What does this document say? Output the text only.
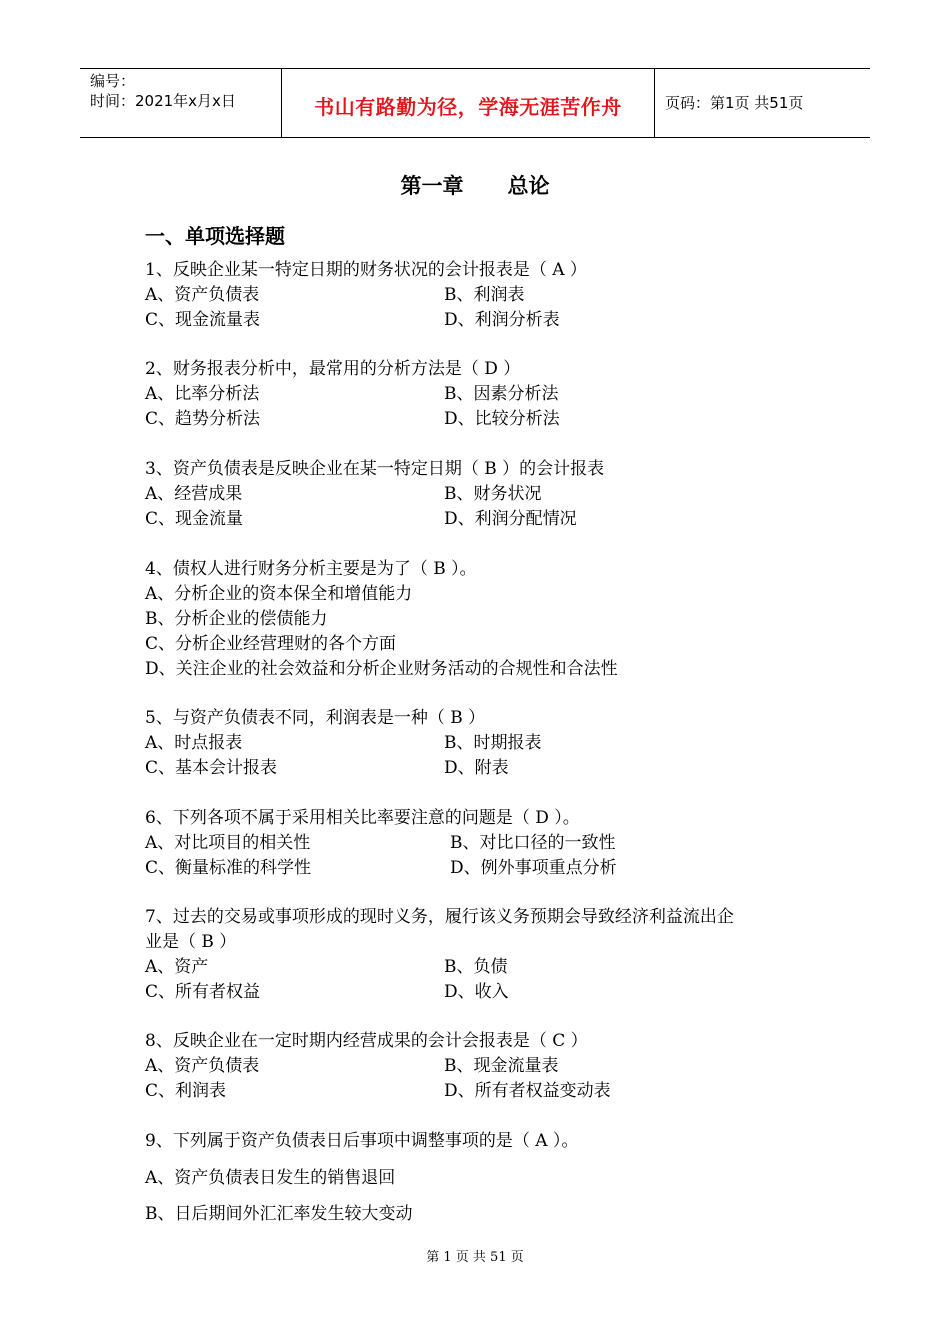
编号：
时间：2021年x月x日	书山有路勤为径，学海无涯苦作舟	页码：第1页 共51页
第一章 总论
一、单项选择题
1、反映企业某一特定日期的财务状况的会计报表是（ A ）
A、资产负债表	B、利润表
C、现金流量表	D、利润分析表
2、财务报表分析中，最常用的分析方法是（ D ）
A、比率分析法	B、因素分析法
C、趋势分析法	D、比较分析法
3、资产负债表是反映企业在某一特定日期（ B ）的会计报表
A、经营成果	B、财务状况
C、现金流量	D、利润分配情况
4、债权人进行财务分析主要是为了（ B ）。
A、分析企业的资本保全和增值能力
B、分析企业的偿债能力
C、分析企业经营理财的各个方面
D、关注企业的社会效益和分析企业财务活动的合规性和合法性
5、与资产负债表不同，利润表是一种（ B ）
A、时点报表	B、时期报表
C、基本会计报表	D、附表
6、下列各项不属于采用相关比率要注意的问题是（ D ）。
A、对比项目的相关性	B、对比口径的一致性
C、衡量标准的科学性	D、例外事项重点分析
7、过去的交易或事项形成的现时义务，履行该义务预期会导致经济利益流出企
业是（ B ）
A、资产	B、负债
C、所有者权益	D、收入
8、反映企业在一定时期内经营成果的会计会报表是（ C ）
A、资产负债表	B、现金流量表
C、利润表	D、所有者权益变动表
9、下列属于资产负债表日后事项中调整事项的是（ A ）。
A、资产负债表日发生的销售退回
B、日后期间外汇汇率发生较大变动
第 1 页 共 51 页
